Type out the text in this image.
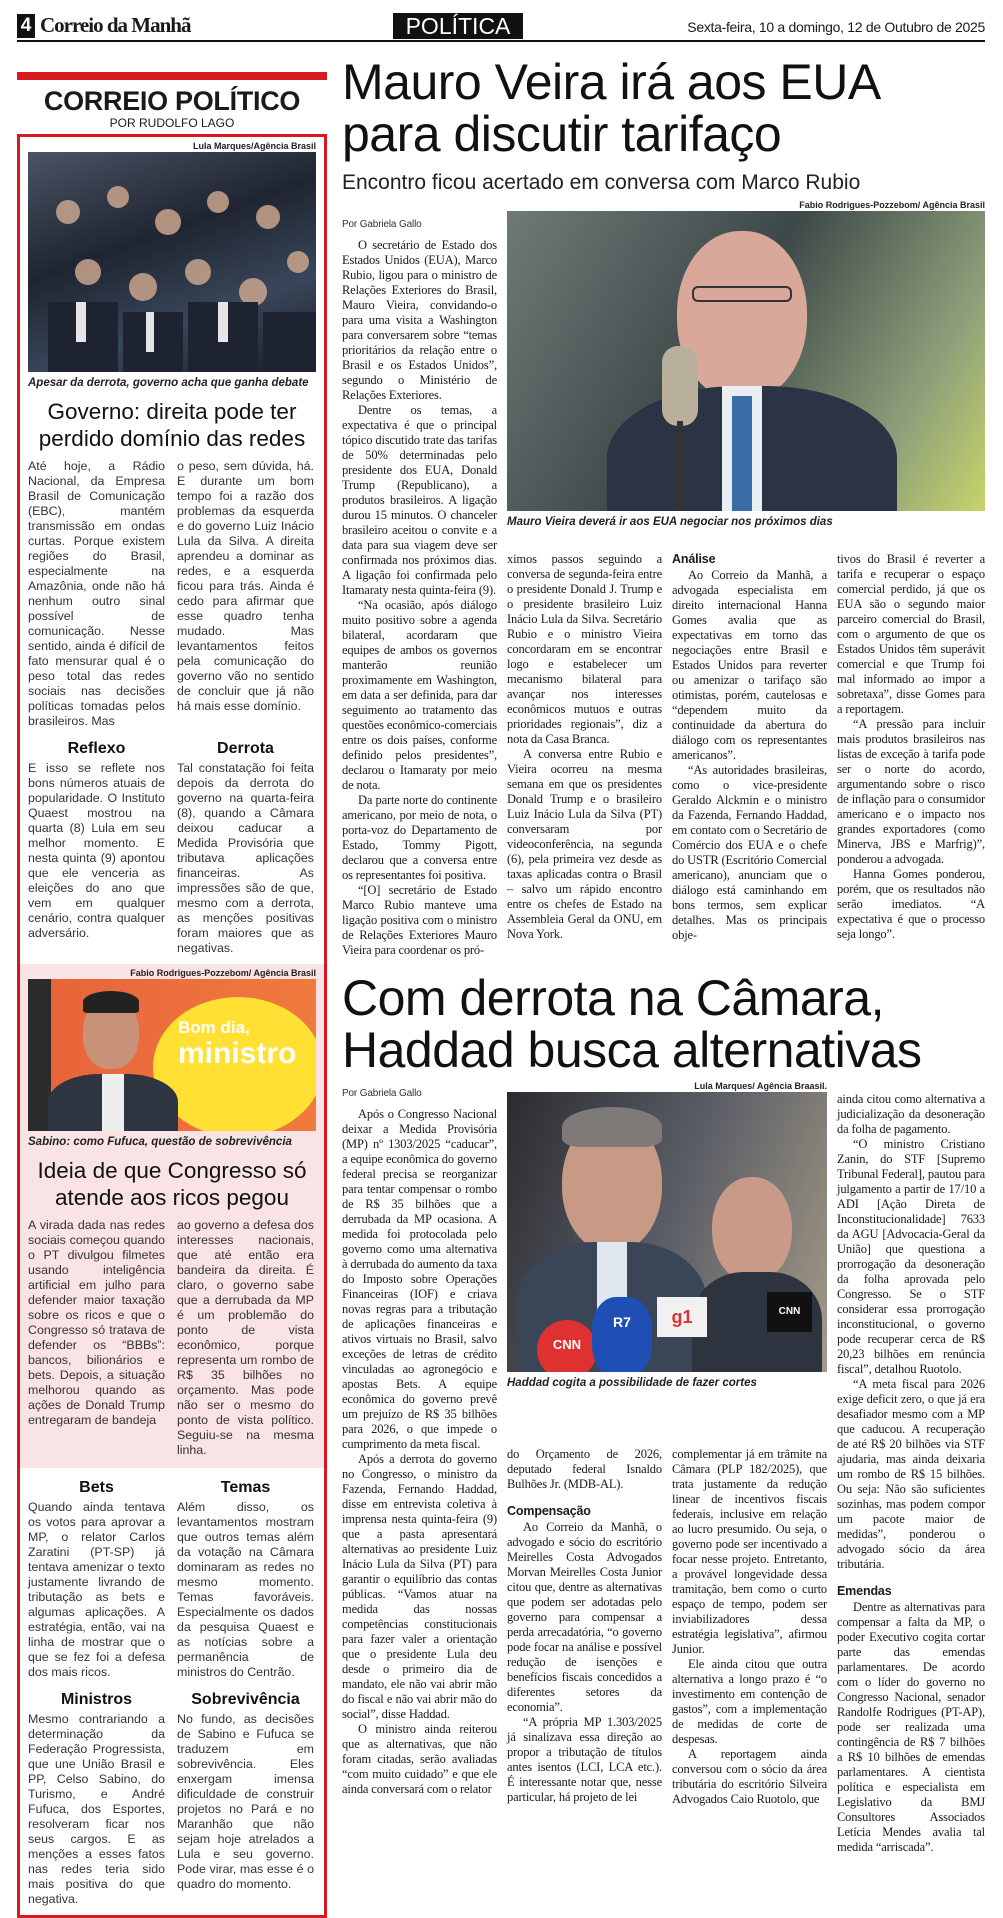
4 Correio da Manhã	POLÍTICA	Sexta-feira, 10 a domingo, 12 de Outubro de 2025
CORREIO POLÍTICO
POR RUDOLFO LAGO
Lula Marques/Agência Brasil
Apesar da derrota, governo acha que ganha debate
Governo: direita pode ter perdido domínio das redes
Até hoje, a Rádio Nacional, da Empresa Brasil de Comunicação (EBC), mantém transmissão em ondas curtas. Porque existem regiões do Brasil, especialmente na Amazônia, onde não há nenhum outro sinal possível de comunicação. Nesse sentido, ainda é difícil de fato mensurar qual é o peso total das redes sociais nas decisões políticas tomadas pelos brasileiros. Mas
o peso, sem dúvida, há. E durante um bom tempo foi a razão dos problemas da esquerda e do governo Luiz Inácio Lula da Silva. A direita aprendeu a dominar as redes, e a esquerda ficou para trás. Ainda é cedo para afirmar que esse quadro tenha mudado. Mas levantamentos feitos pela comunicação do governo vão no sentido de concluir que já não há mais esse domínio.
Reflexo
E isso se reflete nos bons números atuais de popularidade. O Instituto Quaest mostrou na quarta (8) Lula em seu melhor momento. E nesta quinta (9) apontou que ele venceria as eleições do ano que vem em qualquer cenário, contra qualquer adversário.
Derrota
Tal constatação foi feita depois da derrota do governo na quarta-feira (8), quando a Câmara deixou caducar a Medida Provisória que tributava aplicações financeiras. As impressões são de que, mesmo com a derrota, as menções positivas foram maiores que as negativas.
Fabio Rodrigues-Pozzebom/ Agência Brasil
Bom dia,
ministro
Sabino: como Fufuca, questão de sobrevivência
Ideia de que Congresso só atende aos ricos pegou
A virada dada nas redes sociais começou quando o PT divulgou filmetes usando inteligência artificial em julho para defender maior taxação sobre os ricos e que o Congresso só tratava de defender os “BBBs”: bancos, bilionários e bets. Depois, a situação melhorou quando as ações de Donald Trump entregaram de bandeja
ao governo a defesa dos interesses nacionais, que até então era bandeira da direita. É claro, o governo sabe que a derrubada da MP é um problemão do ponto de vista econômico, porque representa um rombo de R$ 35 bilhões no orçamento. Mas pode não ser o mesmo do ponto de vista político. Seguiu-se na mesma linha.
Bets
Quando ainda tentava os votos para aprovar a MP, o relator Carlos Zaratini (PT-SP) já tentava amenizar o texto justamente livrando de tributação as bets e algumas aplicações. A estratégia, então, vai na linha de mostrar que o que se fez foi a defesa dos mais ricos.
Temas
Além disso, os levantamentos mostram que outros temas além da votação na Câmara dominaram as redes no mesmo momento. Temas favoráveis. Especialmente os dados da pesquisa Quaest e as notícias sobre a permanência de ministros do Centrão.
Ministros
Mesmo contrariando a determinação da Federação Progressista, que une União Brasil e PP, Celso Sabino, do Turismo, e André Fufuca, dos Esportes, resolveram ficar nos seus cargos. E as menções a esses fatos nas redes teria sido mais positiva do que negativa.
Sobrevivência
No fundo, as decisões de Sabino e Fufuca se traduzem em sobrevivência. Eles enxergam imensa dificuldade de construir projetos no Pará e no Maranhão que não sejam hoje atrelados a Lula e seu governo. Pode virar, mas esse é o quadro do momento.
Mauro Veira irá aos EUA
para discutir tarifaço
Encontro ficou acertado em conversa com Marco Rubio
Por Gabriela Gallo

O secretário de Estado dos Estados Unidos (EUA), Marco Rubio, ligou para o ministro de Relações Exteriores do Brasil, Mauro Vieira, convidando-o para uma visita a Washington para conversarem sobre “temas prioritários da relação entre o Brasil e os Estados Unidos”, segundo o Ministério de Relações Exteriores.

Dentre os temas, a expectativa é que o principal tópico discutido trate das tarifas de 50% determinadas pelo presidente dos EUA, Donald Trump (Republicano), a produtos brasileiros. A ligação durou 15 minutos. O chanceler brasileiro aceitou o convite e a data para sua viagem deve ser confirmada nos próximos dias. A ligação foi confirmada pelo Itamaraty nesta quinta-feira (9).

“Na ocasião, após diálogo muito positivo sobre a agenda bilateral, acordaram que equipes de ambos os governos manterão reunião proximamente em Washington, em data a ser definida, para dar seguimento ao tratamento das questões econômico-comerciais entre os dois países, conforme definido pelos presidentes”, declarou o Itamaraty por meio de nota.

Da parte norte do continente americano, por meio de nota, o porta-voz do Departamento de Estado, Tommy Pigott, declarou que a conversa entre os representantes foi positiva.

“[O] secretário de Estado Marco Rubio manteve uma ligação positiva com o ministro de Relações Exteriores Mauro Vieira para coordenar os pró-

Fabio Rodrigues-Pozzebom/ Agência Brasil
Mauro Vieira deverá ir aos EUA negociar nos próximos dias

ximos passos seguindo a conversa de segunda-feira entre o presidente Donald J. Trump e o presidente brasileiro Luiz Inácio Lula da Silva. Secretário Rubio e o ministro Vieira concordaram em se encontrar logo e estabelecer um mecanismo bilateral para avançar nos interesses econômicos mutuos e outras prioridades regionais”, diz a nota da Casa Branca.

A conversa entre Rubio e Vieira ocorreu na mesma semana em que os presidentes Donald Trump e o brasileiro Luiz Inácio Lula da Silva (PT) conversaram por videoconferência, na segunda (6), pela primeira vez desde as taxas aplicadas contra o Brasil – salvo um rápido encontro entre os chefes de Estado na Assembleia Geral da ONU, em Nova York.

Análise

Ao Correio da Manhã, a advogada especialista em direito internacional Hanna Gomes avalia que as expectativas em torno das negociações entre Brasil e Estados Unidos para reverter ou amenizar o tarifaço são otimistas, porém, cautelosas e “dependem muito da continuidade da abertura do diálogo com os representantes americanos”.

“As autoridades brasileiras, como o vice-presidente Geraldo Alckmin e o ministro da Fazenda, Fernando Haddad, em contato com o Secretário de Comércio dos EUA e o chefe do USTR (Escritório Comercial americano), anunciam que o diálogo está caminhando em bons termos, sem explicar detalhes. Mas os principais obje-

tivos do Brasil é reverter a tarifa e recuperar o espaço comercial perdido, já que os EUA são o segundo maior parceiro comercial do Brasil, com o argumento de que os Estados Unidos têm superávit comercial e que Trump foi mal informado ao impor a sobretaxa”, disse Gomes para a reportagem.

“A pressão para incluir mais produtos brasileiros nas listas de exceção à tarifa pode ser o norte do acordo, argumentando sobre o risco de inflação para o consumidor americano e o impacto nos grandes exportadores (como Minerva, JBS e Marfrig)”, ponderou a advogada.

Hanna Gomes ponderou, porém, que os resultados não serão imediatos. “A expectativa é que o processo seja longo”.

Com derrota na Câmara,
Haddad busca alternativas
Por Gabriela Gallo

Após o Congresso Nacional deixar a Medida Provisória (MP) nº 1303/2025 “caducar”, a equipe econômica do governo federal precisa se reorganizar para tentar compensar o rombo de R$ 35 bilhões que a derrubada da MP ocasiona. A medida foi protocolada pelo governo como uma alternativa à derrubada do aumento da taxa do Imposto sobre Operações Financeiras (IOF) e criava novas regras para a tributação de aplicações financeiras e ativos virtuais no Brasil, salvo exceções de letras de crédito vinculadas ao agronegócio e apostas Bets. A equipe econômica do governo prevê um prejuízo de R$ 35 bilhões para 2026, o que impede o cumprimento da meta fiscal.

Após a derrota do governo no Congresso, o ministro da Fazenda, Fernando Haddad, disse em entrevista coletiva à imprensa nesta quinta-feira (9) que a pasta apresentará alternativas ao presidente Luiz Inácio Lula da Silva (PT) para garantir o equilíbrio das contas públicas. “Vamos atuar na medida das nossas competências constitucionais para fazer valer a orientação que o presidente Lula deu desde o primeiro dia de mandato, ele não vai abrir mão do fiscal e não vai abrir mão do social”, disse Haddad.

O ministro ainda reiterou que as alternativas, que não foram citadas, serão avaliadas “com muito cuidado” e que ele ainda conversará com o relator

Lula Marques/ Agência Braasil.
CNN
R7	g1	CNN
Haddad cogita a possibilidade de fazer cortes

do Orçamento de 2026, deputado federal Isnaldo Bulhões Jr. (MDB-AL).

Compensação

Ao Correio da Manhã, o advogado e sócio do escritório Meirelles Costa Advogados Morvan Meirelles Costa Junior citou que, dentre as alternativas que podem ser adotadas pelo governo para compensar a perda arrecadatória, “o governo pode focar na análise e possível redução de isenções e benefícios fiscais concedidos a diferentes setores da economia”.

“A própria MP 1.303/2025 já sinalizava essa direção ao propor a tributação de títulos antes isentos (LCI, LCA etc.). É interessante notar que, nesse particular, há projeto de lei

complementar já em trâmite na Câmara (PLP 182/2025), que trata justamente da redução linear de incentivos fiscais federais, inclusive em relação ao lucro presumido. Ou seja, o governo pode ser incentivado a focar nesse projeto. Entretanto, a provável longevidade dessa tramitação, bem como o curto espaço de tempo, podem ser inviabilizadores dessa estratégia legislativa”, afirmou Junior.

Ele ainda citou que outra alternativa a longo prazo é “o investimento em contenção de gastos”, com a implementação de medidas de corte de despesas.

A reportagem ainda conversou com o sócio da área tributária do escritório Silveira Advogados Caio Ruotolo, que

ainda citou como alternativa a judicialização da desoneração da folha de pagamento.

“O ministro Cristiano Zanin, do STF [Supremo Tribunal Federal], pautou para julgamento a partir de 17/10 a ADI [Ação Direta de Inconstitucionalidade] 7633 da AGU [Advocacia-Geral da União] que questiona a prorrogação da desoneração da folha aprovada pelo Congresso. Se o STF considerar essa prorrogação inconstitucional, o governo pode recuperar cerca de R$ 20,23 bilhões em renúncia fiscal”, detalhou Ruotolo.

“A meta fiscal para 2026 exige deficit zero, o que já era desafiador mesmo com a MP que caducou. A recuperação de até R$ 20 bilhões via STF ajudaria, mas ainda deixaria um rombo de R$ 15 bilhões. Ou seja: Não são suficientes sozinhas, mas podem compor um pacote maior de medidas”, ponderou o advogado sócio da área tributária.

Emendas

Dentre as alternativas para compensar a falta da MP, o poder Executivo cogita cortar parte das emendas parlamentares. De acordo com o líder do governo no Congresso Nacional, senador Randolfe Rodrigues (PT-AP), pode ser realizada uma contingência de R$ 7 bilhões a R$ 10 bilhões de emendas parlamentares. A cientista política e especialista em Legislativo da BMJ Consultores Associados Letícia Mendes avalia tal medida “arriscada”.
